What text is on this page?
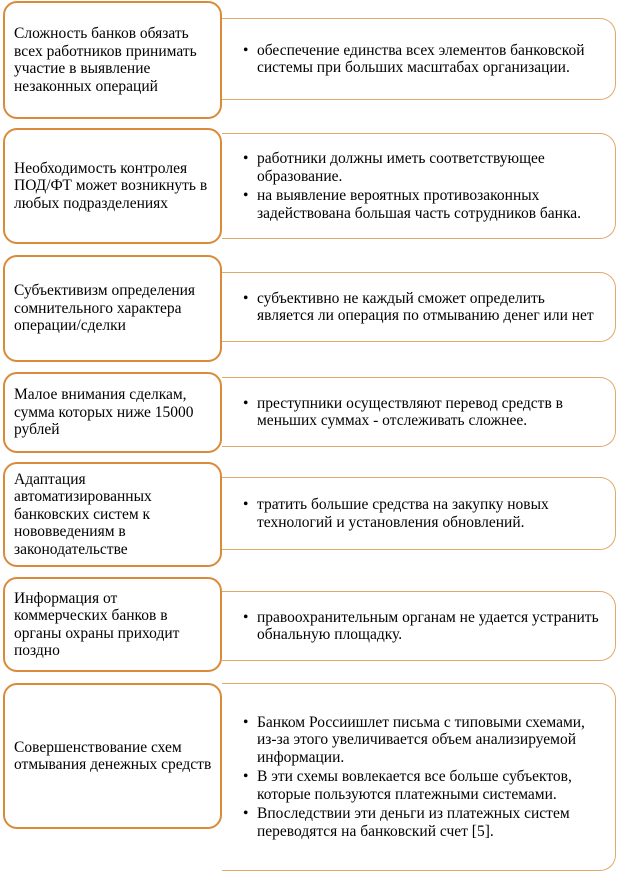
Сложность банков обязать всех работников принимать участие в выявление незаконных операций
• обеспечение единства всех элементов банковской системы при больших масштабах организации.
Необходимость контролeя ПОД/ФТ может возникнуть в любых подразделениях
• работники должны иметь соответствующее образование.
• на выявление вероятных противозаконных задействована большая часть сотрудников банка.
Субъективизм определения сомнительного характера операции/сделки
• субъективно не каждый сможет определить является ли операция по отмыванию денег или нет
Малое внимания сделкам, сумма которых ниже 15000 рублей
• преступники осуществляют перевод средств в меньших суммах - отслеживать сложнее.
Адаптация автоматизированных банковских систем к нововведениям в законодательстве
• тратить большие средства на закупку новых технологий и установления обновлений.
Информация от коммерческих банков в органы охраны приходит поздно
• правоохранительным органам не удается устранить обнальную площадку.
Совершенствование схем отмывания денежных средств
• Банком Россиишлет письма с типовыми схемами, из-за этого увеличивается объем анализируемой информации.
• В эти схемы вовлекается все больше субъектов, которые пользуются платежными системами.
• Впоследствии эти деньги из платежных систем переводятся на банковский счет [5].
